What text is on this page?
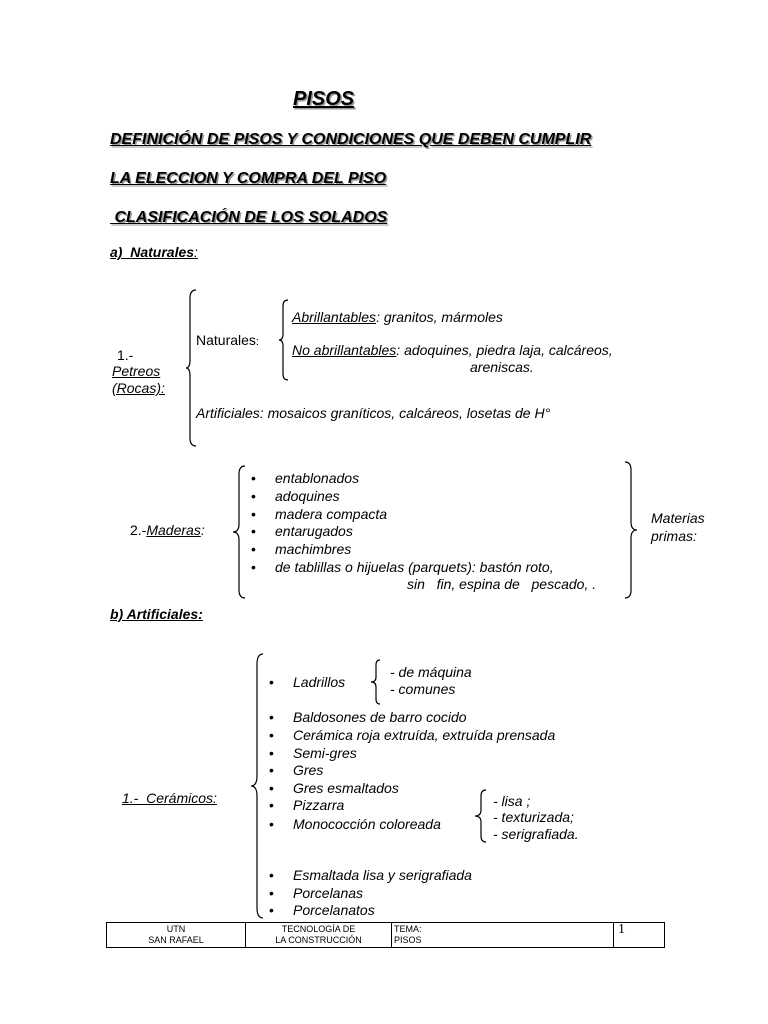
PISOS
DEFINICIÓN DE PISOS Y CONDICIONES QUE DEBEN CUMPLIR
LA ELECCION Y COMPRA DEL PISO
CLASIFICACIÓN DE LOS SOLADOS
a) Naturales:
1.-
Petreos
(Rocas):
Naturales:
Abrillantables: granitos, mármoles
No abrillantables: adoquines, piedra laja, calcáreos,
areniscas.
Artificiales: mosaicos graníticos, calcáreos, losetas de H°
2.-Maderas:
• entablonados
• adoquines
• madera compacta
• entarugados
• machimbres
• de tablillas o hijuelas (parquets): bastón roto,
sin   fin, espina de   pescado, .
Materias
primas:
b) Artificiales:
1.-  Cerámicos:
• Ladrillos
- de máquina
- comunes
• Baldosones de barro cocido
• Cerámica roja extruída, extruída prensada
• Semi-gres
• Gres
• Gres esmaltados
• Pizzarra
• Monococción coloreada
- lisa ;
- texturizada;
- serigrafiada.
• Esmaltada lisa y serigrafiada
• Porcelanas
• Porcelanatos
UTN
SAN RAFAEL

TECNOLOGÍA DE
LA CONSTRUCCIÓN

TEMA:
PISOS
	1
